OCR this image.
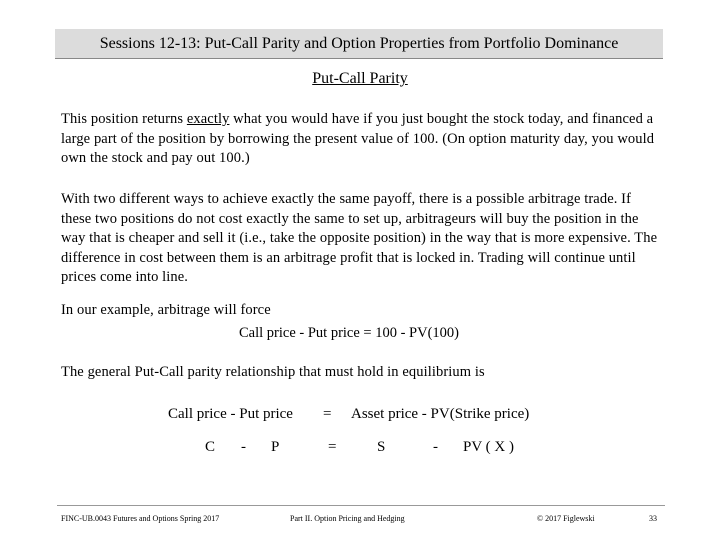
Sessions 12-13: Put-Call Parity and Option Properties from Portfolio Dominance
Put-Call Parity
This position returns exactly what you would have if you just bought the stock today, and financed a large part of the position by borrowing the present value of 100. (On option maturity day, you would own the stock and pay out 100.)
With two different ways to achieve exactly the same payoff, there is a possible arbitrage trade. If these two positions do not cost exactly the same to set up, arbitrageurs will buy the position in the way that is cheaper and sell it (i.e., take the opposite position) in the way that is more expensive. The difference in cost between them is an arbitrage profit that is locked in. Trading will continue until prices come into line.
In our example, arbitrage will force
Call price - Put price = 100 - PV(100)
The general Put-Call parity relationship that must hold in equilibrium is
Call price - Put price = Asset price - PV(Strike price)
C - P	=	S	- PV ( X )
FINC-UB.0043 Futures and Options Spring 2017	Part II. Option Pricing and Hedging	© 2017 Figlewski	33
